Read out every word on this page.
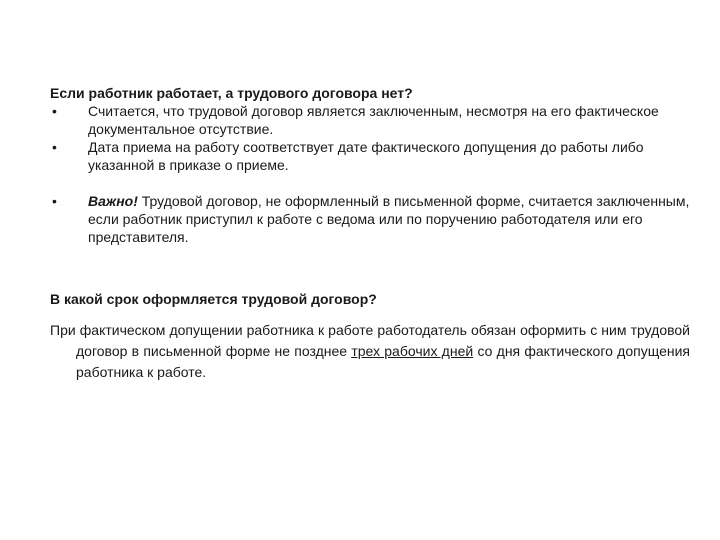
Если работник работает, а трудового договора нет?

•	Считается, что трудовой договор является заключенным, несмотря на его фактическое документальное отсутствие.
•	Дата приема на работу соответствует дате фактического допущения до работы либо указанной в приказе о приеме.
•	Важно! Трудовой договор, не оформленный в письменной форме, считается заключенным, если работник приступил к работе с ведома или по поручению работодателя или его представителя.

В какой срок оформляется трудовой договор?

При фактическом допущении работника к работе работодатель обязан оформить с ним трудовой договор в письменной форме не позднее трех рабочих дней со дня фактического допущения работника к работе.
